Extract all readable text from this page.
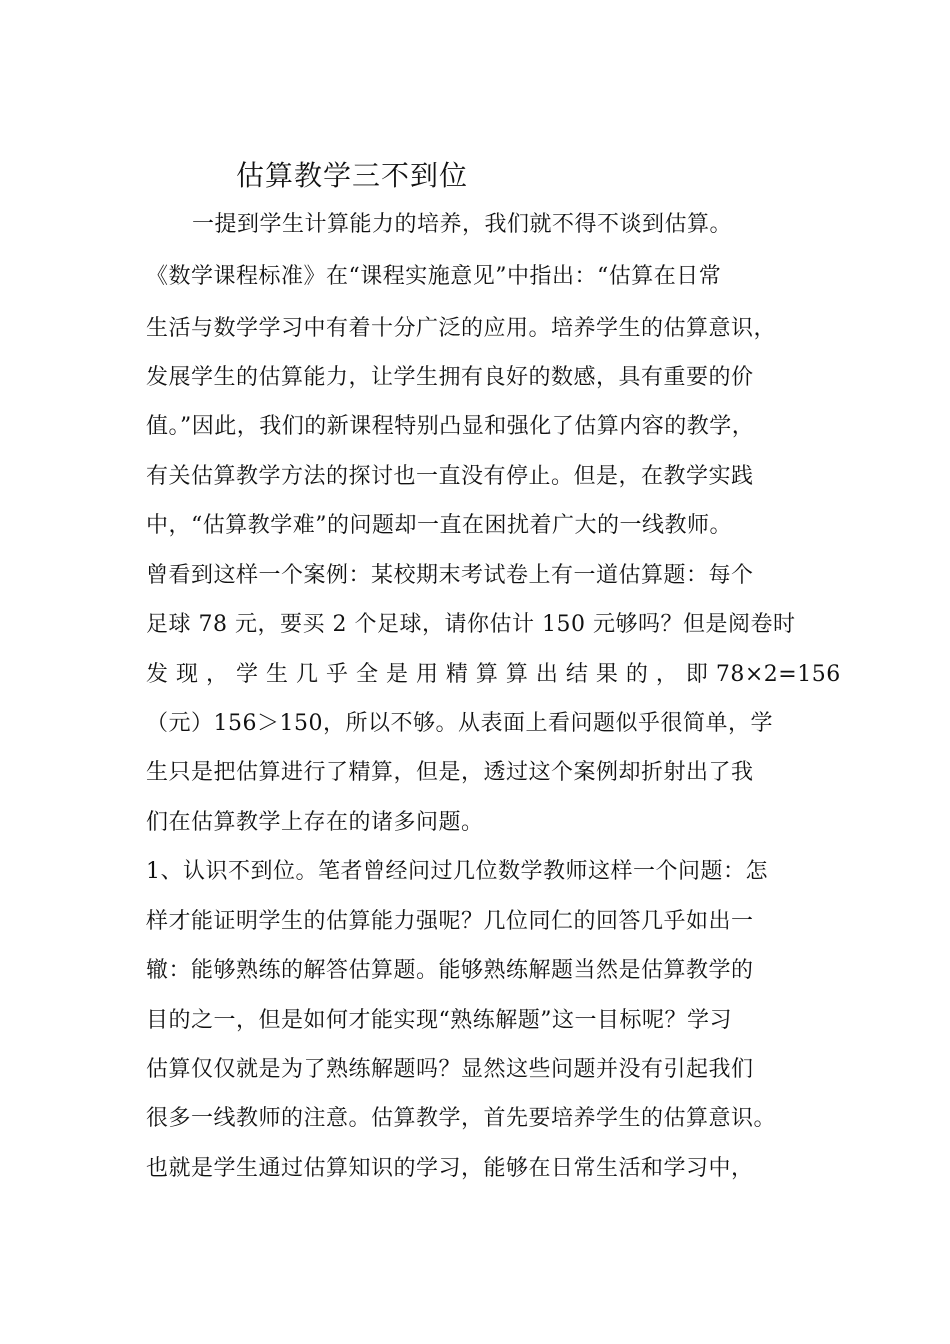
估算教学三不到位
一提到学生计算能力的培养，我们就不得不谈到估算。
《数学课程标准》在“课程实施意见”中指出：“估算在日常
生活与数学学习中有着十分广泛的应用。培养学生的估算意识，
发展学生的估算能力，让学生拥有良好的数感，具有重要的价
值。”因此，我们的新课程特别凸显和强化了估算内容的教学，
有关估算教学方法的探讨也一直没有停止。但是，在教学实践
中，“估算教学难”的问题却一直在困扰着广大的一线教师。
曾看到这样一个案例：某校期末考试卷上有一道估算题：每个
足球 78 元，要买 2 个足球，请你估计 150 元够吗？但是阅卷时
发 现 ， 学 生 几 乎 全 是 用 精 算 算 出 结 果 的 ， 即 78×2=156
（元）156＞150，所以不够。从表面上看问题似乎很简单，学
生只是把估算进行了精算，但是，透过这个案例却折射出了我
们在估算教学上存在的诸多问题。
1、认识不到位。笔者曾经问过几位数学教师这样一个问题：怎
样才能证明学生的估算能力强呢？几位同仁的回答几乎如出一
辙：能够熟练的解答估算题。能够熟练解题当然是估算教学的
目的之一，但是如何才能实现“熟练解题”这一目标呢？学习
估算仅仅就是为了熟练解题吗？显然这些问题并没有引起我们
很多一线教师的注意。估算教学，首先要培养学生的估算意识。
也就是学生通过估算知识的学习，能够在日常生活和学习中，
